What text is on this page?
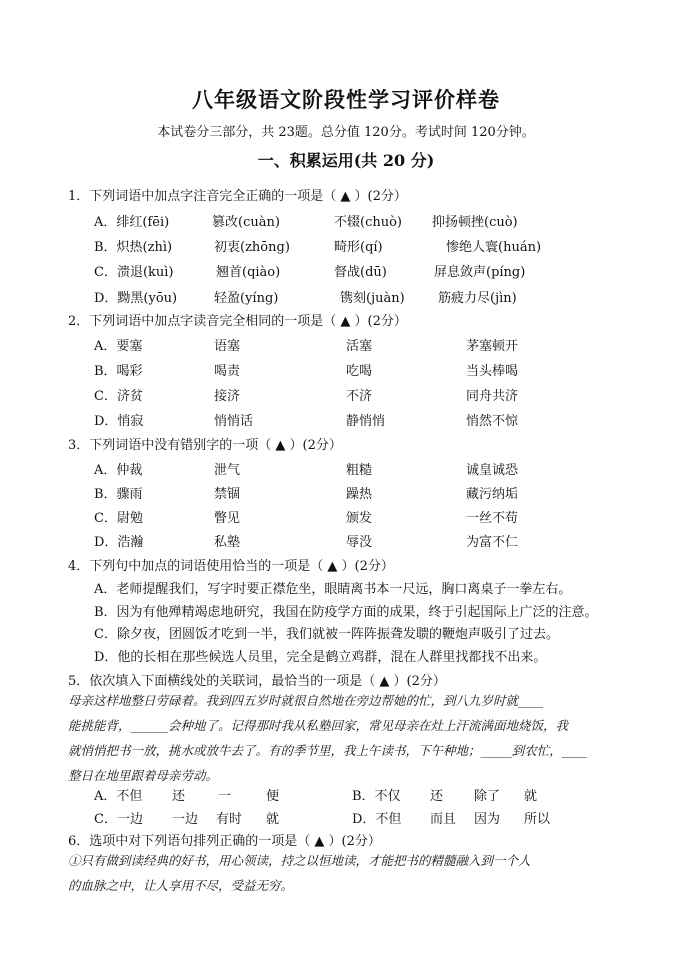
八年级语文阶段性学习评价样卷
本试卷分三部分，共 23题。总分值 120分。考试时间 120分钟。
一、积累运用(共 20 分)
1．下列词语中加点字注音完全正确的一项是（ ▲ ）(2分）
A．绯红(fēi)	篡改(cuàn)	不辍(chuò) 抑扬顿挫(cuò)
B．炽热(zhì)	初衷(zhōng)	畸形(qí)	惨绝人寰(huán)
C．溃退(kuì)	翘首(qiào)	督战(dū)	屏息敛声(píng)
D．黝黑(yōu)	轻盈(yíng)	镌刻(juàn)	筋疲力尽(jìn)
2．下列词语中加点字读音完全相同的一项是（ ▲ ）(2分）
A．要塞	语塞	活塞	茅塞顿开
B．喝彩	喝责	吃喝	当头棒喝
C．济贫	接济	不济	同舟共济
D．悄寂	悄悄话	静悄悄	悄然不惊
3．下列词语中没有错别字的一项（ ▲ ）(2分）
A．仲裁	泄气	粗糙	诚皇诚恐
B．骤雨	禁锢	躁热	藏污纳垢
C．尉勉	瞥见	颁发	一丝不苟
D．浩瀚	私塾	辱没	为富不仁
4．下列句中加点的词语使用恰当的一项是（ ▲ ）(2分）
A．老师提醒我们，写字时要正襟危坐，眼睛离书本一尺远，胸口离桌子一拳左右。
B．因为有他殚精竭虑地研究，我国在防疫学方面的成果，终于引起国际上广泛的注意。
C．除夕夜，团圆饭才吃到一半，我们就被一阵阵振聋发聩的鞭炮声吸引了过去。
D．他的长相在那些候选人员里，完全是鹤立鸡群，混在人群里找都找不出来。
5．依次填入下面横线处的关联词，最恰当的一项是（ ▲ ）(2分）

母亲这样地整日劳碌着。我到四五岁时就很自然地在旁边帮她的忙，到八九岁时就____

能挑能背，______会种地了。记得那时我从私塾回家，常见母亲在灶上汗流满面地烧饭，我

就悄悄把书一放，挑水或放牛去了。有的季节里，我上午读书，下午种地；_____到农忙，____

整日在地里跟着母亲劳动。

A．不但 还	一	便	B．不仅 还 除了 就
C．一边 一边 有时 就	D．不但 而且 因为 所以
6．选项中对下列语句排列正确的一项是（ ▲ ）(2分）

①只有做到读经典的好书，用心领读，持之以恒地读，才能把书的精髓融入到一个人

的血脉之中，让人享用不尽，受益无穷。
